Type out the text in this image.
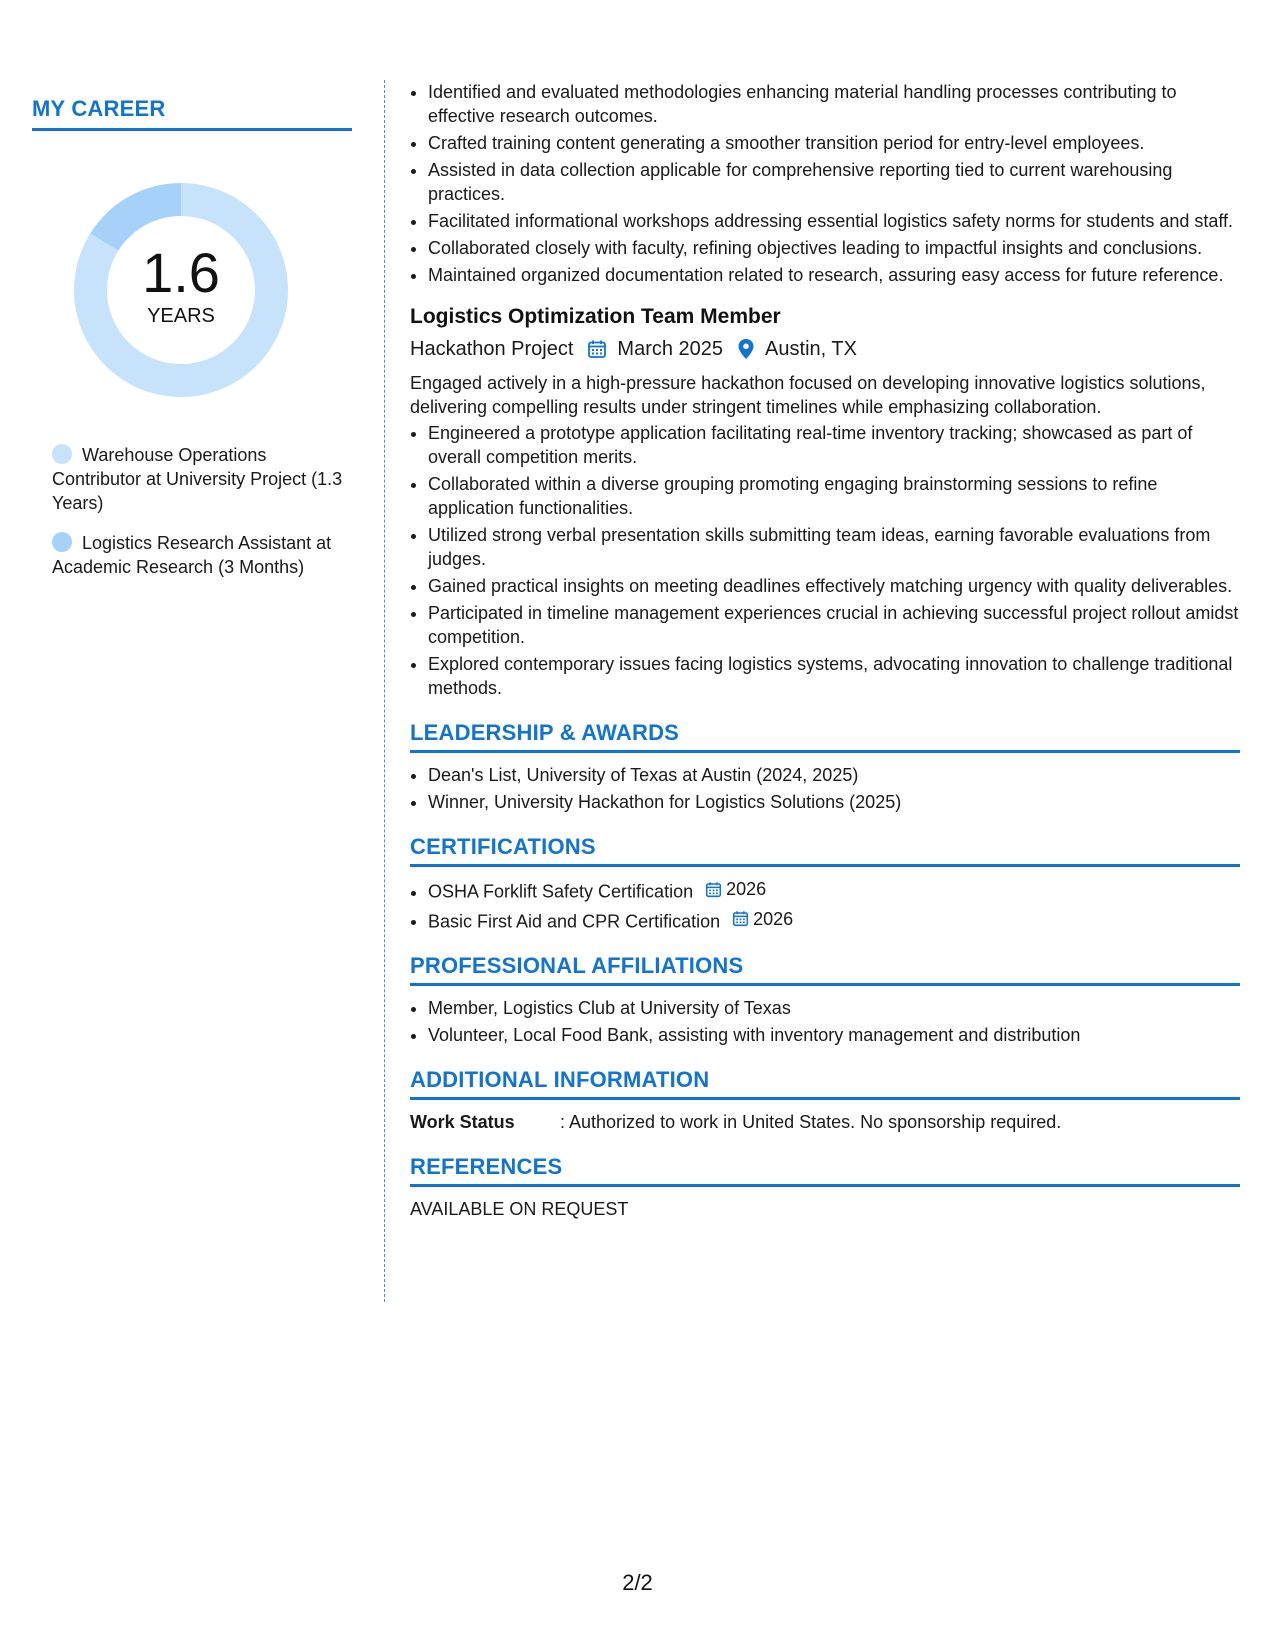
MY CAREER
1.6
YEARS
Warehouse Operations Contributor at University Project (1.3 Years)
Logistics Research Assistant at Academic Research (3 Months)
• Identified and evaluated methodologies enhancing material handling processes contributing to effective research outcomes.
• Crafted training content generating a smoother transition period for entry-level employees.
• Assisted in data collection applicable for comprehensive reporting tied to current warehousing practices.
• Facilitated informational workshops addressing essential logistics safety norms for students and staff.
• Collaborated closely with faculty, refining objectives leading to impactful insights and conclusions.
• Maintained organized documentation related to research, assuring easy access for future reference.
Logistics Optimization Team Member
Hackathon Project March 2025 Austin, TX
Engaged actively in a high-pressure hackathon focused on developing innovative logistics solutions, delivering compelling results under stringent timelines while emphasizing collaboration.
• Engineered a prototype application facilitating real-time inventory tracking; showcased as part of overall competition merits.
• Collaborated within a diverse grouping promoting engaging brainstorming sessions to refine application functionalities.
• Utilized strong verbal presentation skills submitting team ideas, earning favorable evaluations from judges.
• Gained practical insights on meeting deadlines effectively matching urgency with quality deliverables.
• Participated in timeline management experiences crucial in achieving successful project rollout amidst competition.
• Explored contemporary issues facing logistics systems, advocating innovation to challenge traditional methods.
LEADERSHIP & AWARDS
• Dean's List, University of Texas at Austin (2024, 2025)
• Winner, University Hackathon for Logistics Solutions (2025)
CERTIFICATIONS
• OSHA Forklift Safety Certification 2026
• Basic First Aid and CPR Certification 2026
PROFESSIONAL AFFILIATIONS
• Member, Logistics Club at University of Texas
• Volunteer, Local Food Bank, assisting with inventory management and distribution
ADDITIONAL INFORMATION
Work Status	: Authorized to work in United States. No sponsorship required.
REFERENCES
AVAILABLE ON REQUEST
2/2
